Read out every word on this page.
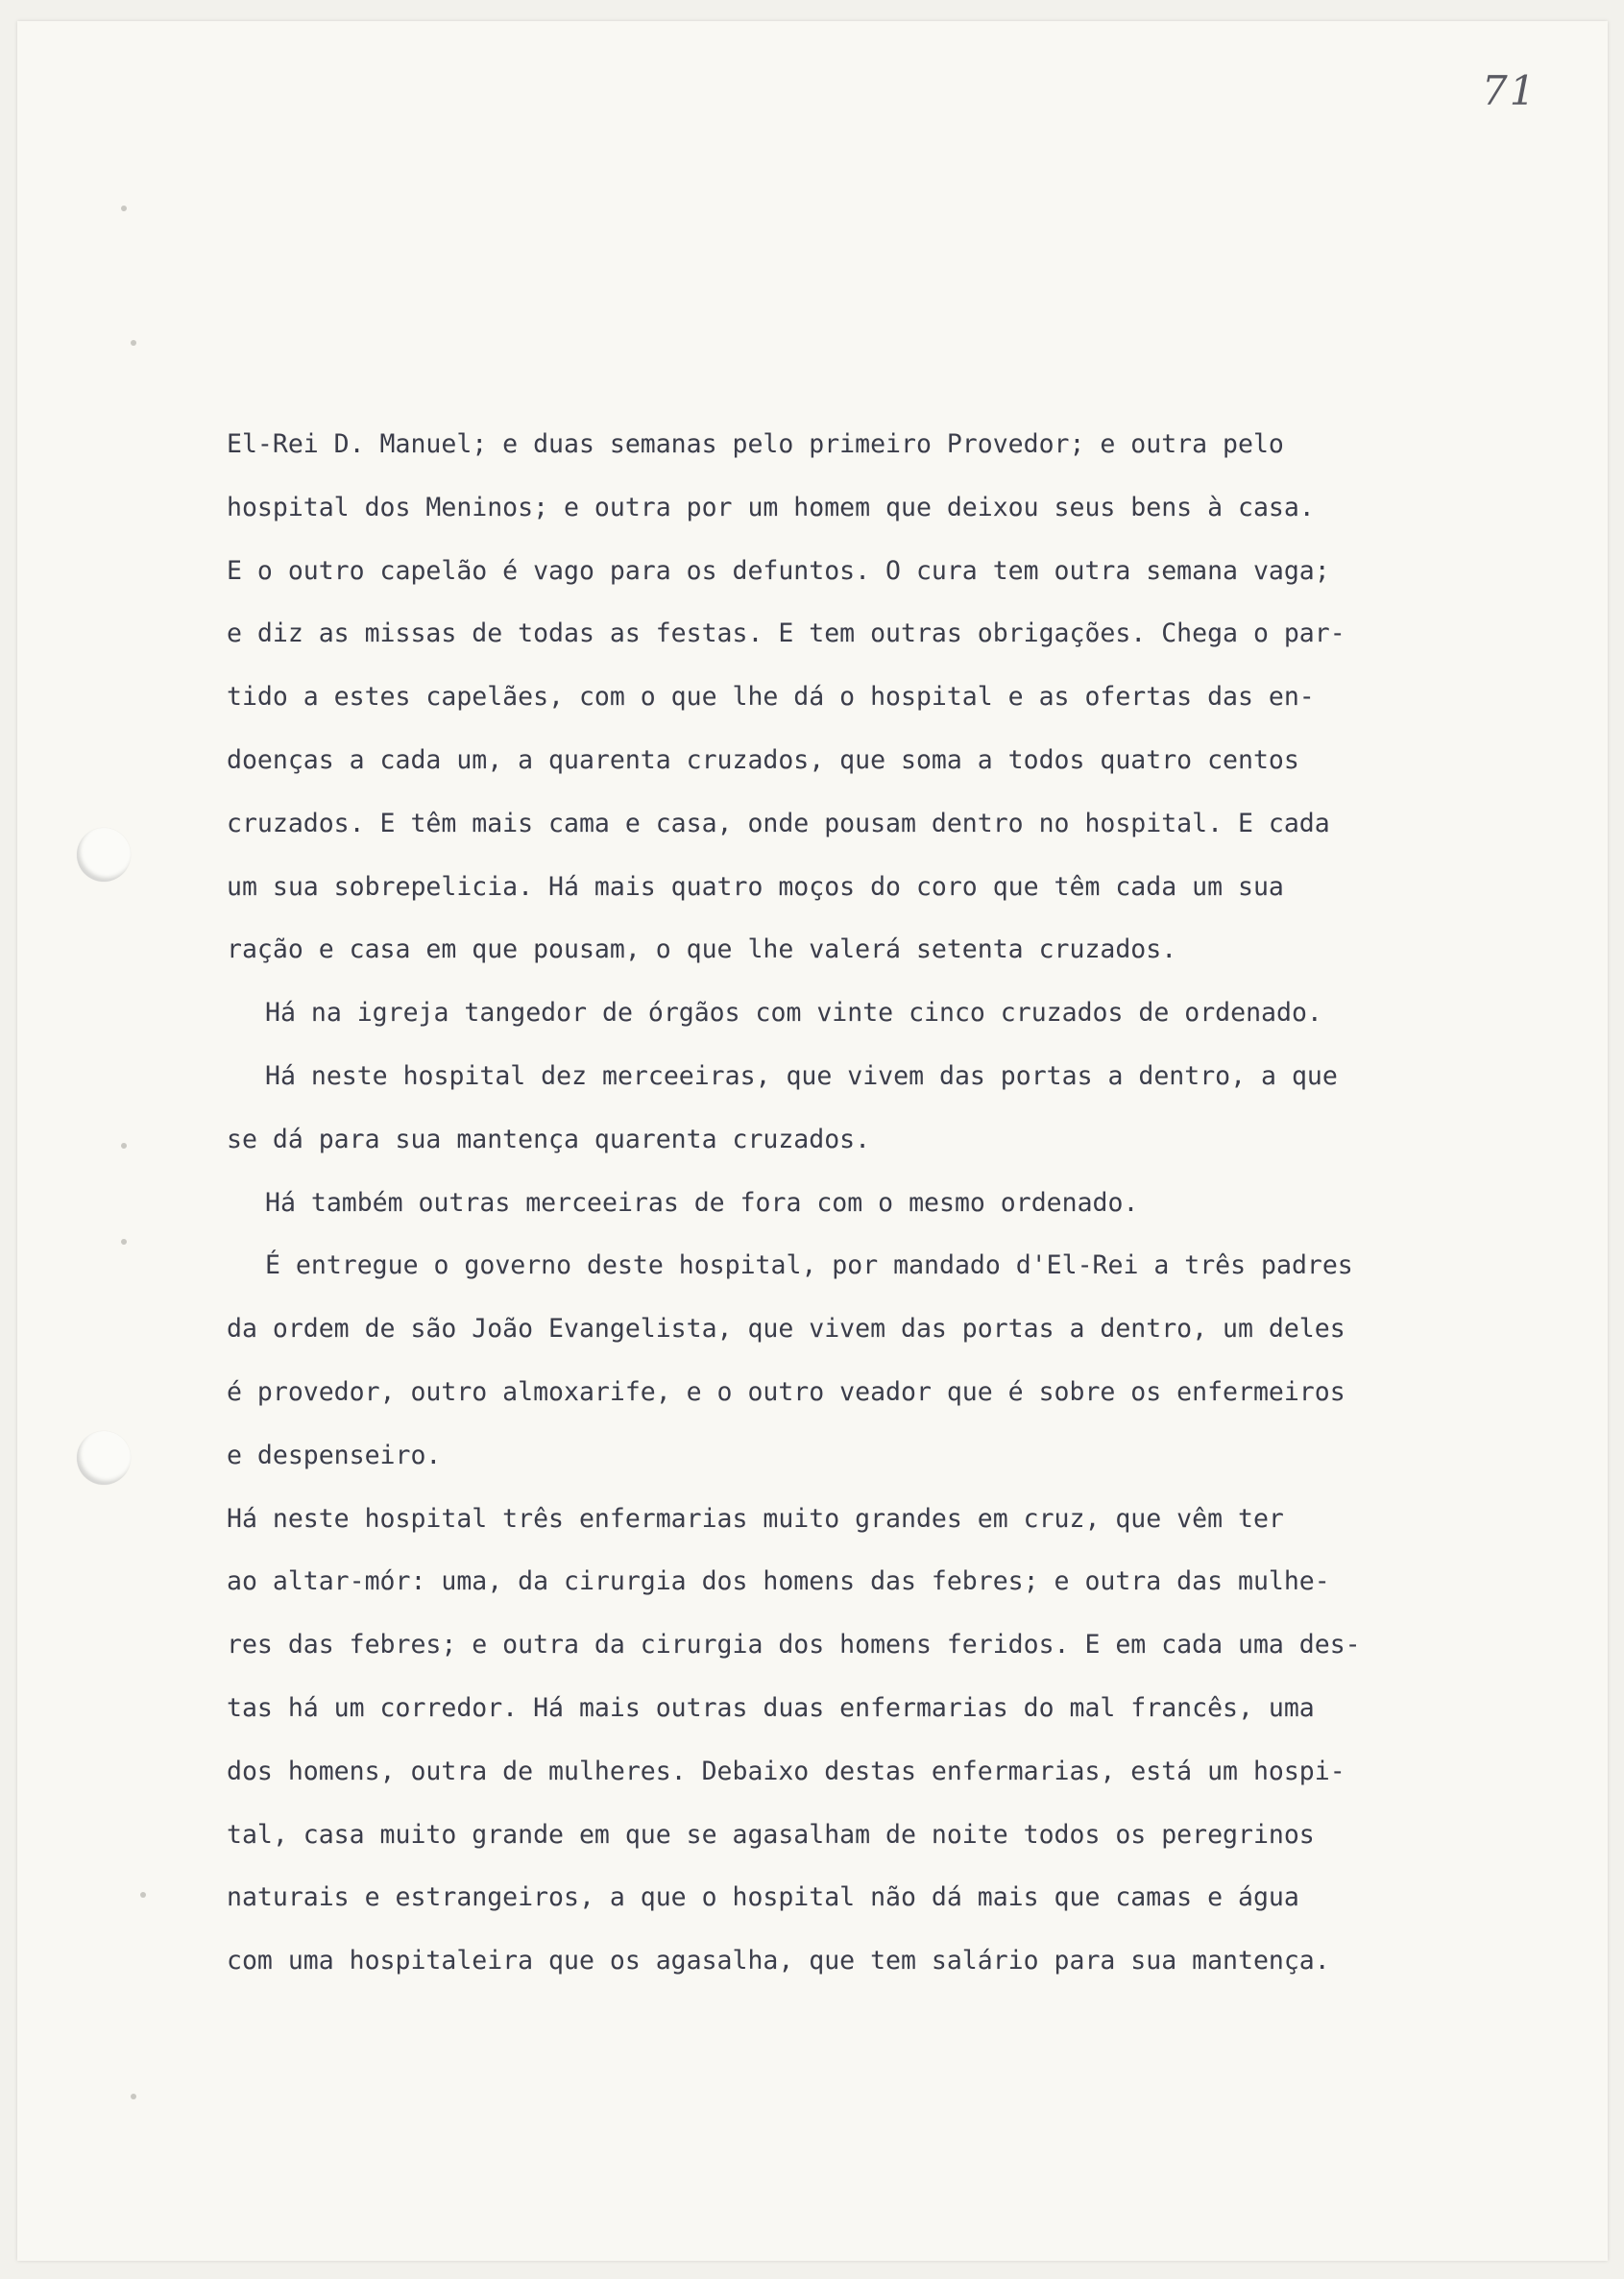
71
El-Rei D. Manuel; e duas semanas pelo primeiro Provedor; e outra pelo
hospital dos Meninos; e outra por um homem que deixou seus bens à casa.
E o outro capelão é vago para os defuntos. O cura tem outra semana vaga;
e diz as missas de todas as festas. E tem outras obrigações. Chega o par-
tido a estes capelães, com o que lhe dá o hospital e as ofertas das en-
doenças a cada um, a quarenta cruzados, que soma a todos quatro centos
cruzados. E têm mais cama e casa, onde pousam dentro no hospital. E cada
um sua sobrepelicia. Há mais quatro moços do coro que têm cada um sua
ração e casa em que pousam, o que lhe valerá setenta cruzados.
Há na igreja tangedor de órgãos com vinte cinco cruzados de ordenado.
Há neste hospital dez merceeiras, que vivem das portas a dentro, a que
se dá para sua mantença quarenta cruzados.
Há também outras merceeiras de fora com o mesmo ordenado.
É entregue o governo deste hospital, por mandado d'El-Rei a três padres
da ordem de são João Evangelista, que vivem das portas a dentro, um deles
é provedor, outro almoxarife, e o outro veador que é sobre os enfermeiros
e despenseiro.
Há neste hospital três enfermarias muito grandes em cruz, que vêm ter
ao altar-mór: uma, da cirurgia dos homens das febres; e outra das mulhe-
res das febres; e outra da cirurgia dos homens feridos. E em cada uma des-
tas há um corredor. Há mais outras duas enfermarias do mal francês, uma
dos homens, outra de mulheres. Debaixo destas enfermarias, está um hospi-
tal, casa muito grande em que se agasalham de noite todos os peregrinos
naturais e estrangeiros, a que o hospital não dá mais que camas e água
com uma hospitaleira que os agasalha, que tem salário para sua mantença.
